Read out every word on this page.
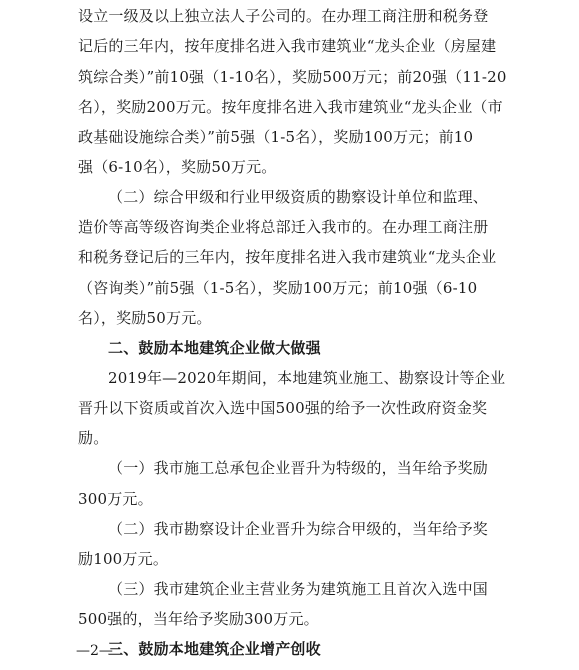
设立一级及以上独立法人子公司的。在办理工商注册和税务登
记后的三年内，按年度排名进入我市建筑业“龙头企业（房屋建
筑综合类）”前10强（1-10名），奖励500万元；前20强（11-20
名），奖励200万元。按年度排名进入我市建筑业“龙头企业（市
政基础设施综合类）”前5强（1-5名），奖励100万元；前10
强（6-10名），奖励50万元。
（二）综合甲级和行业甲级资质的勘察设计单位和监理、
造价等高等级咨询类企业将总部迁入我市的。在办理工商注册
和税务登记后的三年内，按年度排名进入我市建筑业“龙头企业
（咨询类）”前5强（1-5名），奖励100万元；前10强（6-10
名），奖励50万元。
二、鼓励本地建筑企业做大做强
2019年—2020年期间，本地建筑业施工、勘察设计等企业
晋升以下资质或首次入选中国500强的给予一次性政府资金奖
励。
（一）我市施工总承包企业晋升为特级的，当年给予奖励
300万元。
（二）我市勘察设计企业晋升为综合甲级的，当年给予奖
励100万元。
（三）我市建筑企业主营业务为建筑施工且首次入选中国
500强的，当年给予奖励300万元。
三、鼓励本地建筑企业增产创收
—2—
